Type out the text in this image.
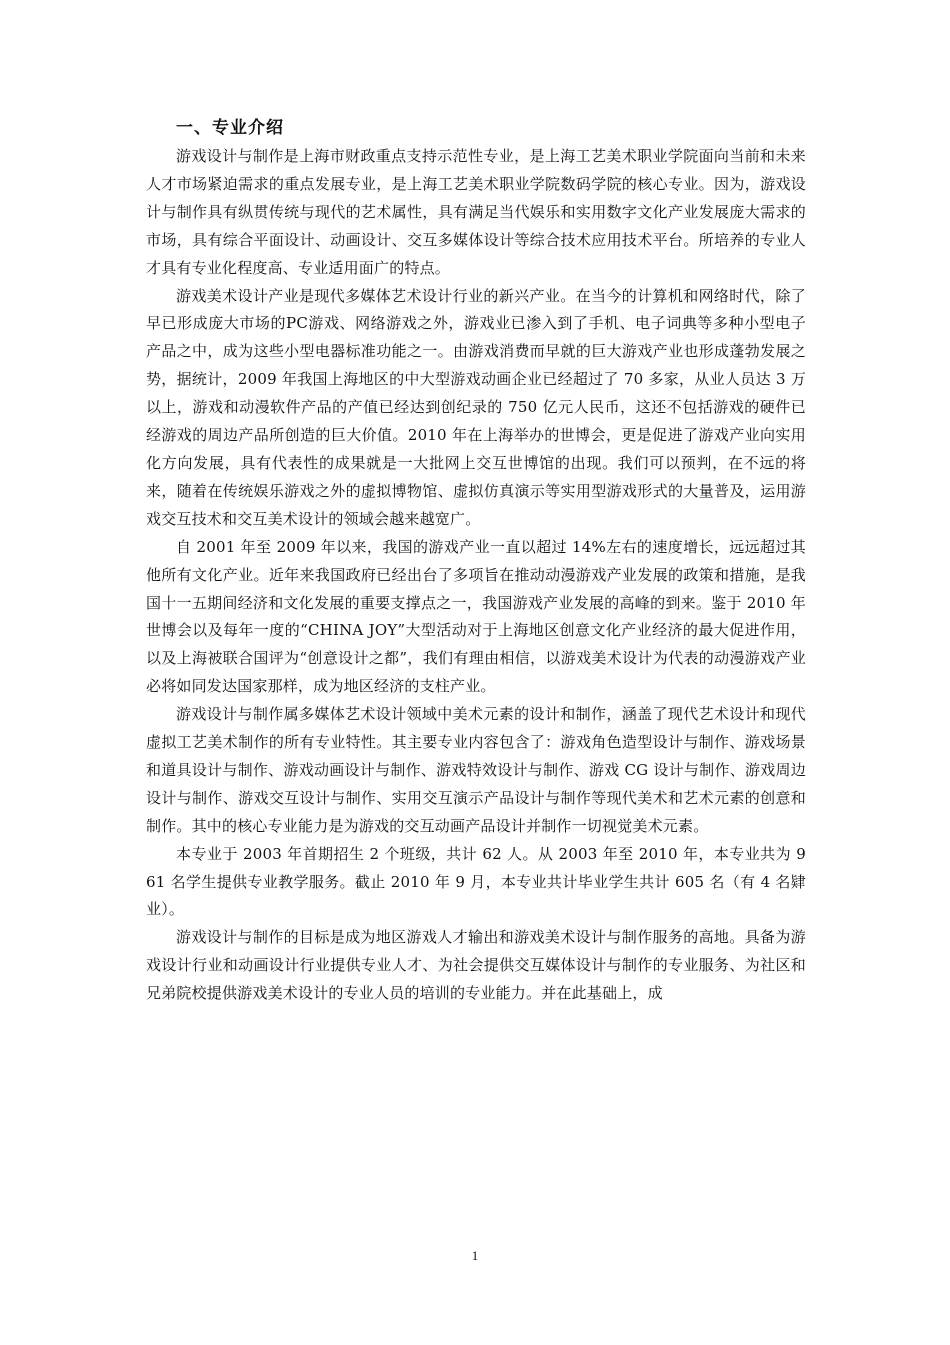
一、专业介绍

游戏设计与制作是上海市财政重点支持示范性专业，是上海工艺美术职业学院面向当前和未来人才市场紧迫需求的重点发展专业，是上海工艺美术职业学院数码学院的核心专业。因为，游戏设计与制作具有纵贯传统与现代的艺术属性，具有满足当代娱乐和实用数字文化产业发展庞大需求的市场，具有综合平面设计、动画设计、交互多媒体设计等综合技术应用技术平台。所培养的专业人才具有专业化程度高、专业适用面广的特点。

游戏美术设计产业是现代多媒体艺术设计行业的新兴产业。在当今的计算机和网络时代，除了早已形成庞大市场的PC游戏、网络游戏之外，游戏业已渗入到了手机、电子词典等多种小型电子产品之中，成为这些小型电器标准功能之一。由游戏消费而早就的巨大游戏产业也形成蓬勃发展之势，据统计，2009 年我国上海地区的中大型游戏动画企业已经超过了 70 多家，从业人员达 3 万以上，游戏和动漫软件产品的产值已经达到创纪录的 750 亿元人民币，这还不包括游戏的硬件已经游戏的周边产品所创造的巨大价值。2010 年在上海举办的世博会，更是促进了游戏产业向实用化方向发展，具有代表性的成果就是一大批网上交互世博馆的出现。我们可以预判，在不远的将来，随着在传统娱乐游戏之外的虚拟博物馆、虚拟仿真演示等实用型游戏形式的大量普及，运用游戏交互技术和交互美术设计的领域会越来越宽广。

自 2001 年至 2009 年以来，我国的游戏产业一直以超过 14%左右的速度增长，远远超过其他所有文化产业。近年来我国政府已经出台了多项旨在推动动漫游戏产业发展的政策和措施，是我国十一五期间经济和文化发展的重要支撑点之一，我国游戏产业发展的高峰的到来。鉴于 2010 年世博会以及每年一度的“CHINA JOY”大型活动对于上海地区创意文化产业经济的最大促进作用，以及上海被联合国评为“创意设计之都”，我们有理由相信，以游戏美术设计为代表的动漫游戏产业必将如同发达国家那样，成为地区经济的支柱产业。

游戏设计与制作属多媒体艺术设计领域中美术元素的设计和制作，涵盖了现代艺术设计和现代虚拟工艺美术制作的所有专业特性。其主要专业内容包含了：游戏角色造型设计与制作、游戏场景和道具设计与制作、游戏动画设计与制作、游戏特效设计与制作、游戏 CG 设计与制作、游戏周边设计与制作、游戏交互设计与制作、实用交互演示产品设计与制作等现代美术和艺术元素的创意和制作。其中的核心专业能力是为游戏的交互动画产品设计并制作一切视觉美术元素。

本专业于 2003 年首期招生 2 个班级，共计 62 人。从 2003 年至 2010 年，本专业共为 961 名学生提供专业教学服务。截止 2010 年 9 月，本专业共计毕业学生共计 605 名（有 4 名肄业）。

游戏设计与制作的目标是成为地区游戏人才输出和游戏美术设计与制作服务的高地。具备为游戏设计行业和动画设计行业提供专业人才、为社会提供交互媒体设计与制作的专业服务、为社区和兄弟院校提供游戏美术设计的专业人员的培训的专业能力。并在此基础上，成

1
